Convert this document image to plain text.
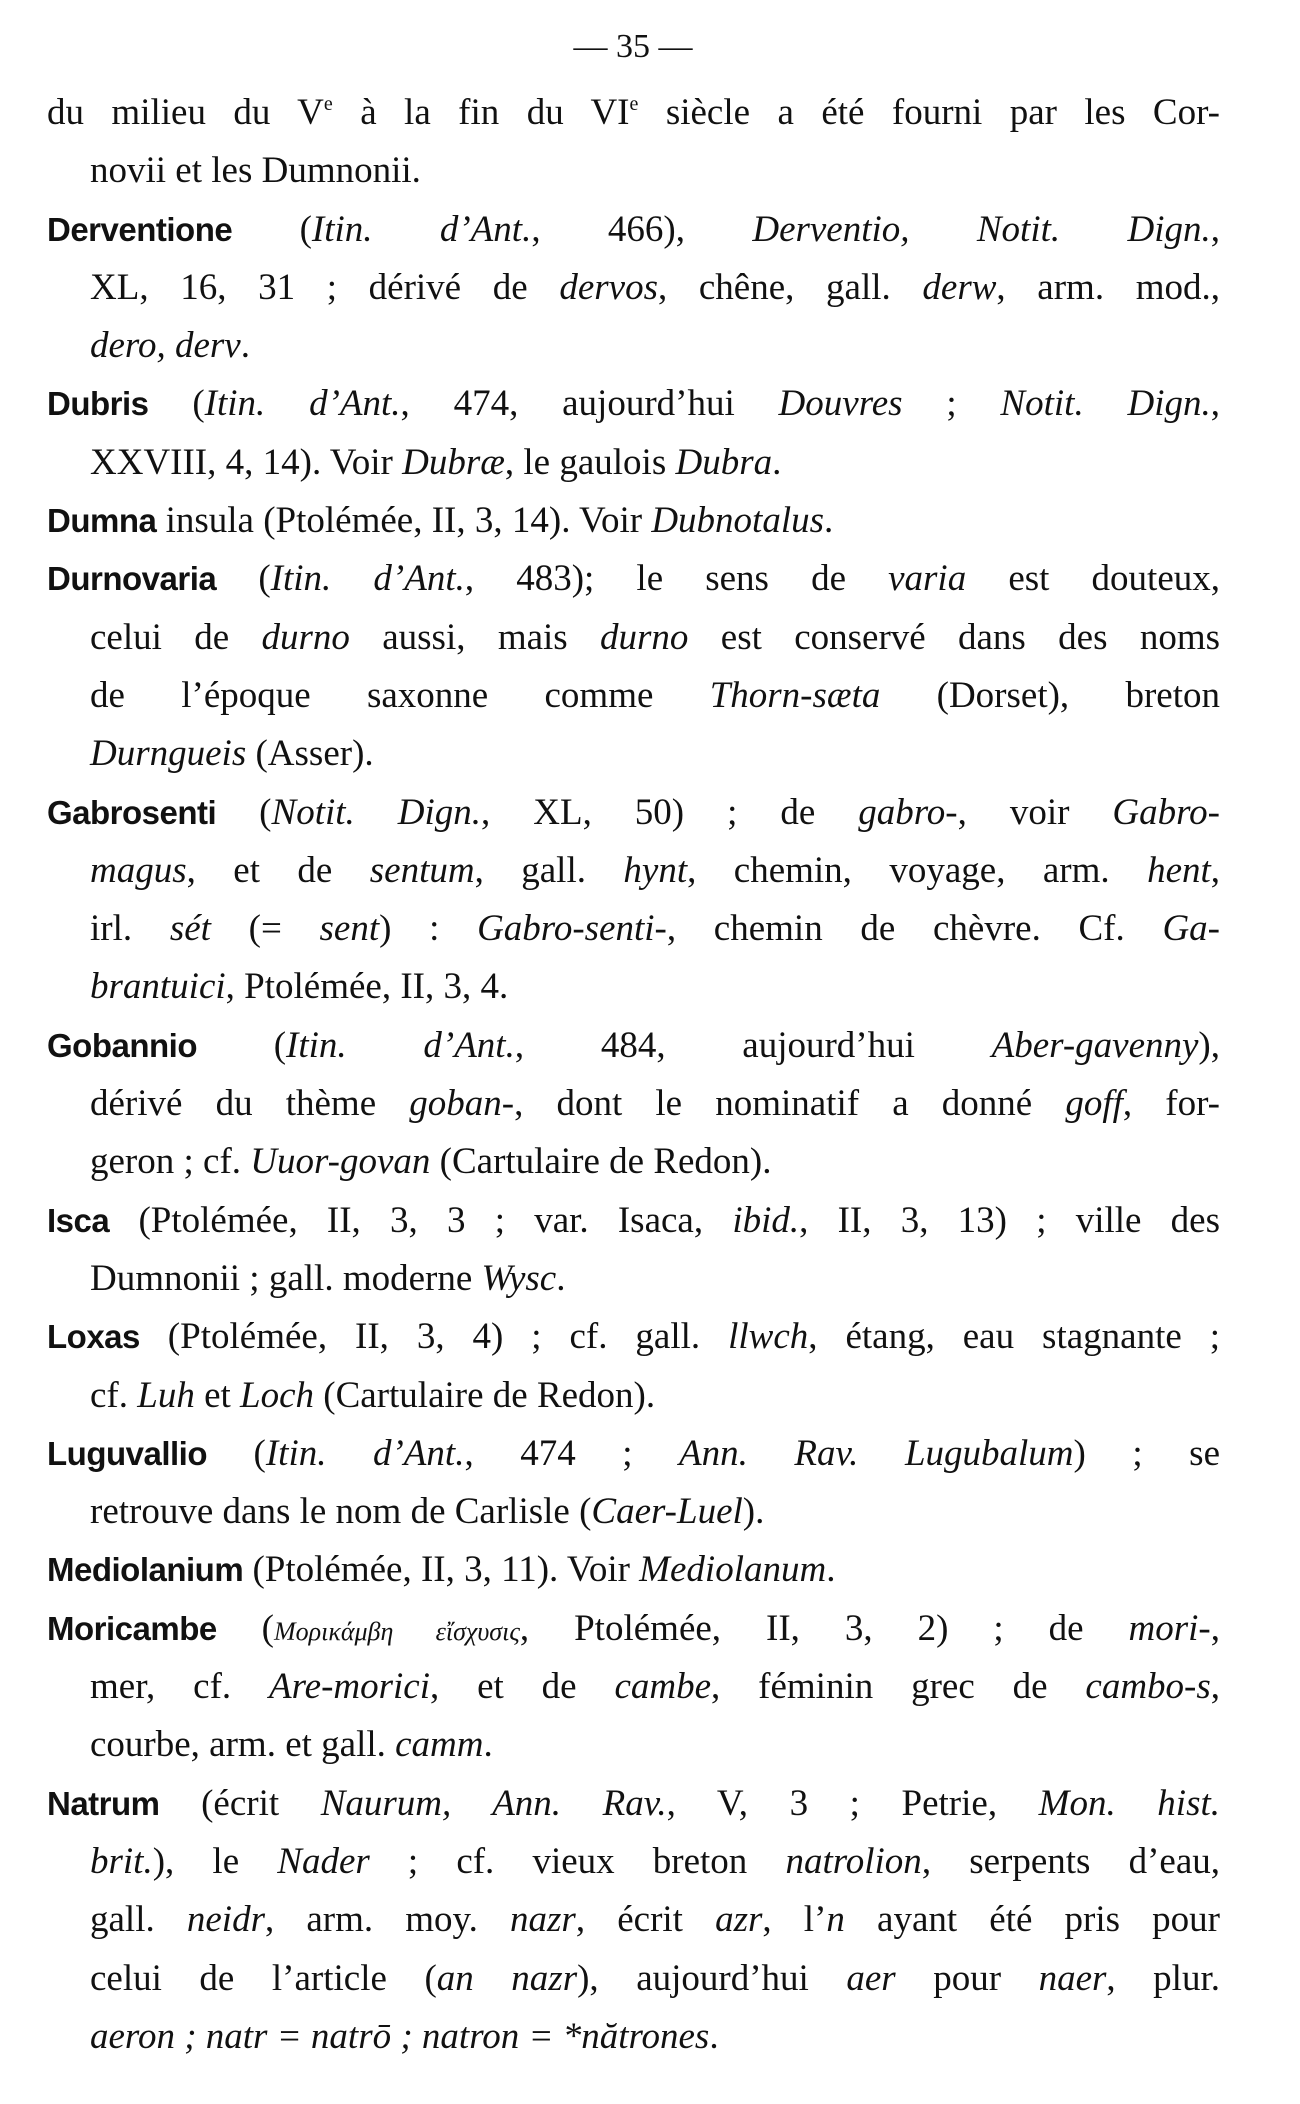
— 35 —
du milieu du Ve à la fin du VIe siècle a été fourni par les Cor-
novii et les Dumnonii.
Derventione (Itin. d’Ant., 466), Derventio, Notit. Dign.,
XL, 16, 31 ; dérivé de dervos, chêne, gall. derw, arm. mod.,
dero, derv.
Dubris (Itin. d’Ant., 474, aujourd’hui Douvres ; Notit. Dign.,
XXVIII, 4, 14). Voir Dubræ, le gaulois Dubra.
Dumna insula (Ptolémée, II, 3, 14). Voir Dubnotalus.
Durnovaria (Itin. d’Ant., 483); le sens de varia est douteux,
celui de durno aussi, mais durno est conservé dans des noms
de l’époque saxonne comme Thorn-sæta (Dorset), breton
Durngueis (Asser).
Gabrosenti (Notit. Dign., XL, 50) ; de gabro-, voir Gabro-
magus, et de sentum, gall. hynt, chemin, voyage, arm. hent,
irl. sét (= sent) : Gabro-senti-, chemin de chèvre. Cf. Ga-
brantuici, Ptolémée, II, 3, 4.
Gobannio (Itin. d’Ant., 484, aujourd’hui Aber-gavenny),
dérivé du thème goban-, dont le nominatif a donné goff, for-
geron ; cf. Uuor-govan (Cartulaire de Redon).
Isca (Ptolémée, II, 3, 3 ; var. Isaca, ibid., II, 3, 13) ; ville des
Dumnonii ; gall. moderne Wysc.
Loxas (Ptolémée, II, 3, 4) ; cf. gall. llwch, étang, eau stagnante ;
cf. Luh et Loch (Cartulaire de Redon).
Luguvallio (Itin. d’Ant., 474 ; Ann. Rav. Lugubalum) ; se
retrouve dans le nom de Carlisle (Caer-Luel).
Mediolanium (Ptolémée, II, 3, 11). Voir Mediolanum.
Moricambe (Μορικάμβη εἴσχυσις, Ptolémée, II, 3, 2) ; de mori-,
mer, cf. Are-morici, et de cambe, féminin grec de cambo-s,
courbe, arm. et gall. camm.
Natrum (écrit Naurum, Ann. Rav., V, 3 ; Petrie, Mon. hist.
brit.), le Nader ; cf. vieux breton natrolion, serpents d’eau,
gall. neidr, arm. moy. nazr, écrit azr, l’n ayant été pris pour
celui de l’article (an nazr), aujourd’hui aer pour naer, plur.
aeron ; natr = natrō ; natron = *nătrones.
